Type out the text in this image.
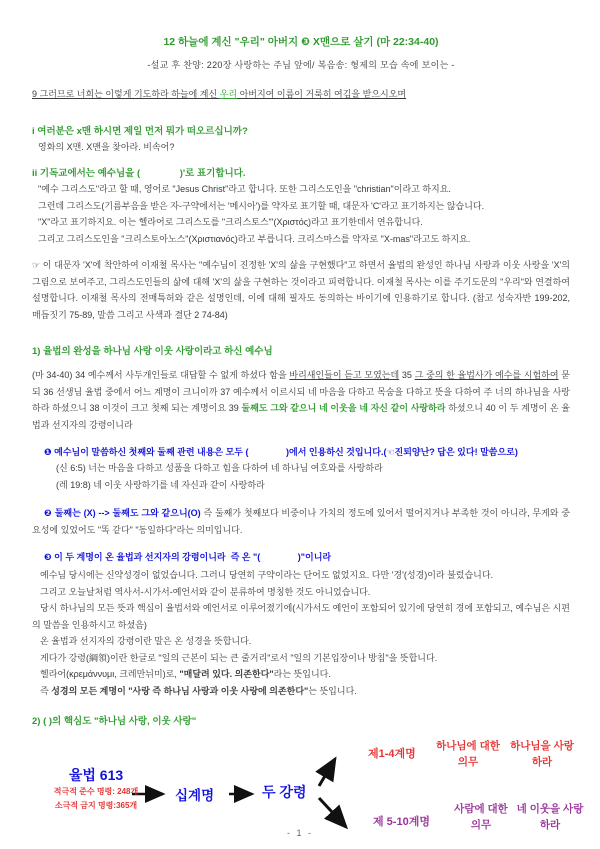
12 하늘에 계신 "우리" 아버지 ❸ X맨으로 살기 (마 22:34-40)
-설교 후 찬양: 220장 사랑하는 주님 앞에/ 복음송: 형제의 모습 속에 보이는 -
9 그러므로 너희는 이렇게 기도하라 하늘에 계신 우리 아버지여 이름이 거룩히 여김을 받으시오며
i 여러분은 x맨 하시면 제일 먼저 뭐가 떠오르십니까?
영화의 X맨. X맨을 찾아라. 비속어?
ii 기독교에서는 예수님을 (               )'로 표기합니다.
"예수 그리스도"라고 할 때, 영어로 "Jesus Christ"라고 합니다. 또한 그리스도인을 "christian"이라고 하지요.
그런데 그리스도(기름부음을 받은 자-구약에서는 '메시아')를 약자로 표기할 때, 대문자 'C'라고 표기하지는 않습니다.
"X"라고 표기하지요. 이는 헬라어로 그리스도를 "크리스토스"'(Χριστός)라고 표기한데서 연유합니다.
그리고 그리스도인을 "크리스토아노스"(Χριστιανός)라고 부릅니다. 크리스마스를 약자로 "X-mas"라고도 하지요.
☞ 이 대문자 'X'에 착안하여 이재철 목사는 "예수님이 진정한 'X'의 삶을 구현했다"고 하면서 율법의 완성인 하나님 사랑과 이웃 사랑을 'X'의 그림으로 보여주고, 그리스도인들의 삶에 대해 'X'의 삶을 구현하는 것이라고 피력합니다. 이재철 목사는 이를 주기도문의 "우리"와 연결하여 설명합니다. 이재철 목사의 전매특허와 같은 설명인데, 이에 대해 필자도 동의하는 바이기에 인용하기로 합니다. (참고 성숙자반 199-202, 매듭짓기 75-89, 말씀 그리고 사색과 결단 2 74-84)
1) 율법의 완성을 하나님 사랑 이웃 사랑이라고 하신 예수님
(마 34-40) 34 예수께서 사두개인들로 대답할 수 없게 하셨다 함을 바리새인들이 듣고 모였는데 35 그 중의 한 율법사가 예수를 시험하여 묻되 36 선생님 율법 중에서 어느 계명이 크니이까 37 예수께서 이르시되 네 마음을 다하고 목숨을 다하고 뜻을 다하여 주 너의 하나님을 사랑하라 하셨으니 38 이것이 크고 첫째 되는 계명이요 39 둘째도 그와 같으니 네 이웃을 네 자신 같이 사랑하라 하셨으니 40 이 두 계명이 온 율법과 선지자의 강령이니라
❶ 예수님이 말씀하신 첫째와 둘째 관련 내용은 모두 (               )에서 인용하신 것입니다.(☜진퇴양난? 답은 있다! 말씀으로)
(신 6:5) 너는 마음을 다하고 성품을 다하고 힘을 다하여 네 하나님 여호와를 사랑하라
(레 19:8) 네 이웃 사랑하기를 네 자신과 같이 사랑하라
❷ 둘째는 (X) --> 둘째도 그와 같으니(O) 즉 둘째가 첫째보다 비중이나 가치의 정도에 있어서 떨어지거나 부족한 것이 아니라, 무게와 중요성에 있었어도 "똑 같다" "동일하다"라는 의미입니다.
❸ 이 두 계명이 온 율법과 선지자의 강령이니라  즉 온 "(               )"이니라
예수님 당시에는 신약성경이 없었습니다. 그러니 당연히 구약이라는 단어도 없었지요. 다만 '경'(성경)이라 불렀습니다.
그리고 오늘날처럼 역사서-시가서-예언서와 같이 분류하여 명칭한 것도 아니었습니다.
당시 하나님의 모든 뜻과 핵심이 율법서와 예언서로 이루어졌기에(시가서도 예언이 포함되어 있기에 당연히 경에 포함되고, 예수님은 시편의 말씀을 인용하시고 하셨음)
온 율법과 선지자의 강령이란 말은 온 성경을 뜻합니다.
게다가 강령(綱領)이란 한글로 "일의 근본이 되는 큰 줄거리"로서 "일의 기본입장이나 방침"을 뜻합니다.
헬라어(κρεμάννυμι, 크레만뉘미)로, "매달려 있다. 의존한다"라는 뜻입니다.
즉 성경의 모든 계명이 "사랑 즉 하나님 사랑과 이웃 사랑에 의존한다"는 뜻입니다.
2) ( )의 핵심도 "하나님 사랑, 이웃 사랑"
율법 613
적극적 준수 명령: 248개
소극적 금지 명령:365개
십계명	두 강령
제1-4계명
하나님에 대한 의무
하나님을 사랑하라
제 5-10계명
사람에 대한 의무
네 이웃을 사랑하라
- 1 -
